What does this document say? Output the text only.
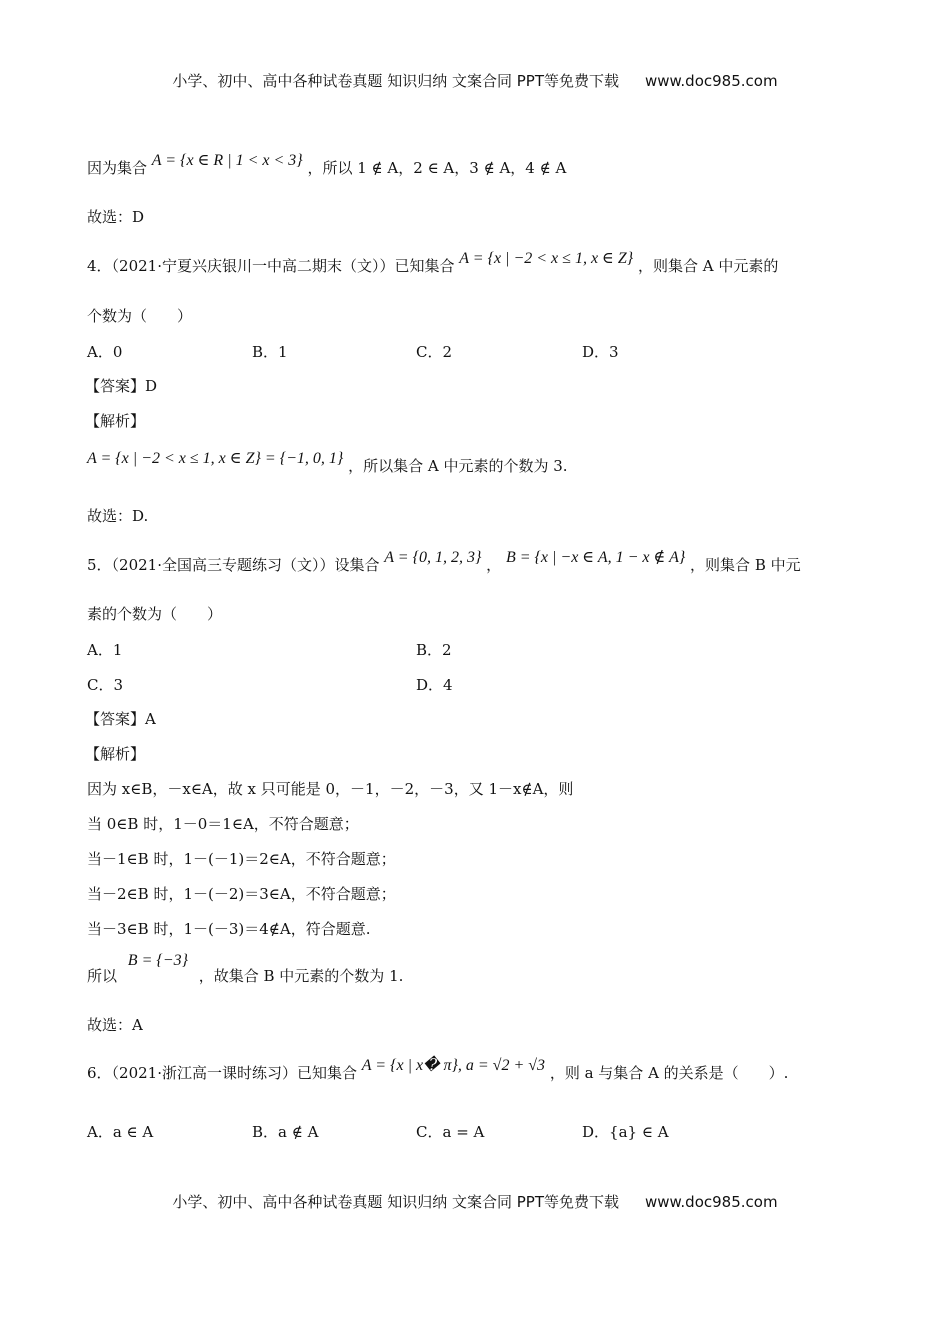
小学、初中、高中各种试卷真题 知识归纳 文案合同 PPT等免费下载 www.doc985.com
因为集合 A = {x ∈ R | 1 < x < 3} ，所以 1 ∉ A，2 ∈ A，3 ∉ A，4 ∉ A
故选：D
4．（2021·宁夏兴庆银川一中高二期末（文））已知集合 A = {x | −2 < x ≤ 1, x ∈ Z} ，则集合 A 中元素的
个数为（　　）
A．0	B．1	C．2	D．3
【答案】D
【解析】
A = {x | −2 < x ≤ 1, x ∈ Z} = {−1, 0, 1} ，所以集合 A 中元素的个数为 3.
故选：D.
5．（2021·全国高三专题练习（文））设集合 A = {0, 1, 2, 3} ， B = {x | −x ∈ A, 1 − x ∉ A} ，则集合 B 中元
素的个数为（　　）
A．1	B．2
C．3	D．4
【答案】A
【解析】
因为 x∈B，－x∈A，故 x 只可能是 0，－1，－2，－3，又 1－x∉A，则
当 0∈B 时，1－0＝1∈A，不符合题意；
当－1∈B 时，1－(－1)＝2∈A，不符合题意；
当－2∈B 时，1－(－2)＝3∈A，不符合题意；
当－3∈B 时，1－(－3)＝4∉A，符合题意.
所以 B = {−3} ，故集合 B 中元素的个数为 1.
故选：A
6．（2021·浙江高一课时练习）已知集合 A = {x | x� π}, a = √2 + √3 ，则 a 与集合 A 的关系是（　　）.
A．a ∈ A	B．a ∉ A	C．a = A	D．{a} ∈ A
小学、初中、高中各种试卷真题 知识归纳 文案合同 PPT等免费下载 www.doc985.com
